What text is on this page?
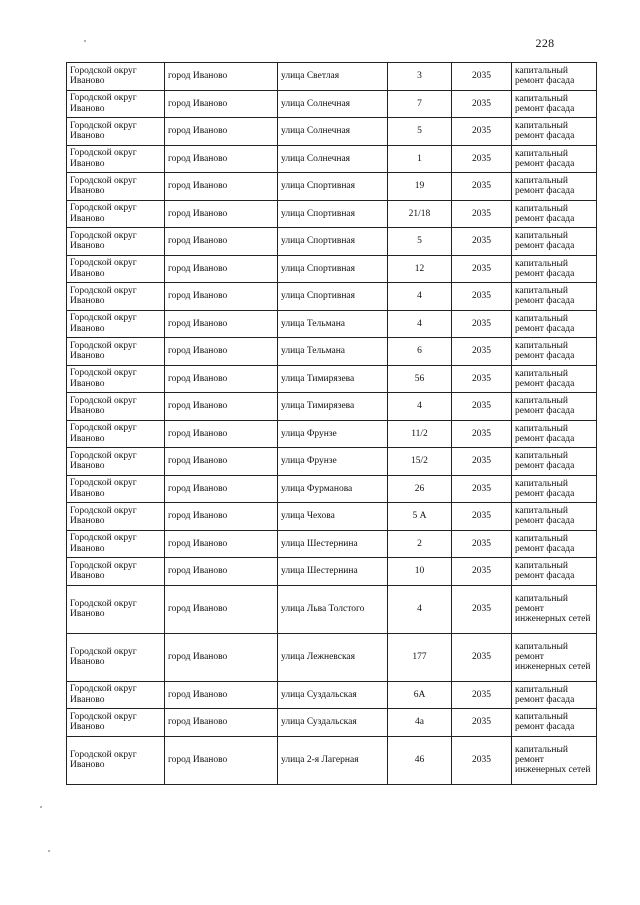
228
Городской округ Иваново	город Иваново	улица Светлая	3	2035	капитальный ремонт фасада
Городской округ Иваново	город Иваново	улица Солнечная	7	2035	капитальный ремонт фасада
Городской округ Иваново	город Иваново	улица Солнечная	5	2035	капитальный ремонт фасада
Городской округ Иваново	город Иваново	улица Солнечная	1	2035	капитальный ремонт фасада
Городской округ Иваново	город Иваново	улица Спортивная	19	2035	капитальный ремонт фасада
Городской округ Иваново	город Иваново	улица Спортивная	21/18	2035	капитальный ремонт фасада
Городской округ Иваново	город Иваново	улица Спортивная	5	2035	капитальный ремонт фасада
Городской округ Иваново	город Иваново	улица Спортивная	12	2035	капитальный ремонт фасада
Городской округ Иваново	город Иваново	улица Спортивная	4	2035	капитальный ремонт фасада
Городской округ Иваново	город Иваново	улица Тельмана	4	2035	капитальный ремонт фасада
Городской округ Иваново	город Иваново	улица Тельмана	6	2035	капитальный ремонт фасада
Городской округ Иваново	город Иваново	улица Тимирязева	56	2035	капитальный ремонт фасада
Городской округ Иваново	город Иваново	улица Тимирязева	4	2035	капитальный ремонт фасада
Городской округ Иваново	город Иваново	улица Фрунзе	11/2	2035	капитальный ремонт фасада
Городской округ Иваново	город Иваново	улица Фрунзе	15/2	2035	капитальный ремонт фасада
Городской округ Иваново	город Иваново	улица Фурманова	26	2035	капитальный ремонт фасада
Городской округ Иваново	город Иваново	улица Чехова	5 А	2035	капитальный ремонт фасада
Городской округ Иваново	город Иваново	улица Шестернина	2	2035	капитальный ремонт фасада
Городской округ Иваново	город Иваново	улица Шестернина	10	2035	капитальный ремонт фасада
Городской округ Иваново	город Иваново	улица Льва Толстого	4	2035	капитальный ремонт инженерных сетей
Городской округ Иваново	город Иваново	улица Лежневская	177	2035	капитальный ремонт инженерных сетей
Городской округ Иваново	город Иваново	улица Суздальская	6А	2035	капитальный ремонт фасада
Городской округ Иваново	город Иваново	улица Суздальская	4а	2035	капитальный ремонт фасада
Городской округ Иваново	город Иваново	улица 2-я Лагерная	46	2035	капитальный ремонт инженерных сетей
